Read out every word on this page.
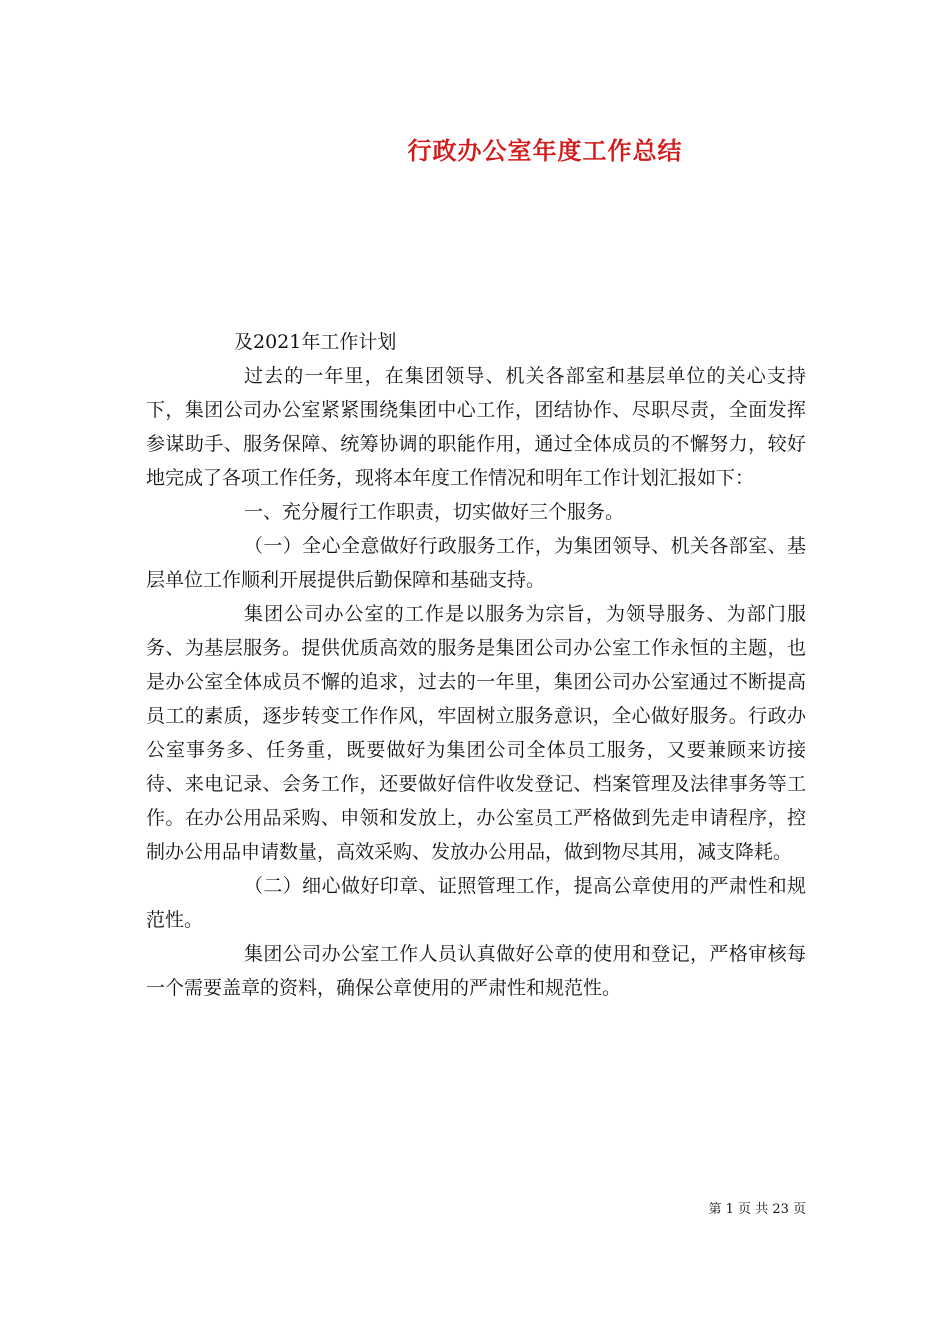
行政办公室年度工作总结

及2021年工作计划

过去的一年里，在集团领导、机关各部室和基层单位的关心支持下，集团公司办公室紧紧围绕集团中心工作，团结协作、尽职尽责，全面发挥参谋助手、服务保障、统筹协调的职能作用，通过全体成员的不懈努力，较好地完成了各项工作任务，现将本年度工作情况和明年工作计划汇报如下：

一、充分履行工作职责，切实做好三个服务。

（一）全心全意做好行政服务工作，为集团领导、机关各部室、基层单位工作顺利开展提供后勤保障和基础支持。

集团公司办公室的工作是以服务为宗旨，为领导服务、为部门服务、为基层服务。提供优质高效的服务是集团公司办公室工作永恒的主题，也是办公室全体成员不懈的追求，过去的一年里，集团公司办公室通过不断提高员工的素质，逐步转变工作作风，牢固树立服务意识，全心做好服务。行政办公室事务多、任务重，既要做好为集团公司全体员工服务，又要兼顾来访接待、来电记录、会务工作，还要做好信件收发登记、档案管理及法律事务等工作。在办公用品采购、申领和发放上，办公室员工严格做到先走申请程序，控制办公用品申请数量，高效采购、发放办公用品，做到物尽其用，减支降耗。

（二）细心做好印章、证照管理工作，提高公章使用的严肃性和规范性。

集团公司办公室工作人员认真做好公章的使用和登记，严格审核每一个需要盖章的资料，确保公章使用的严肃性和规范性。

第 1 页 共 23 页
